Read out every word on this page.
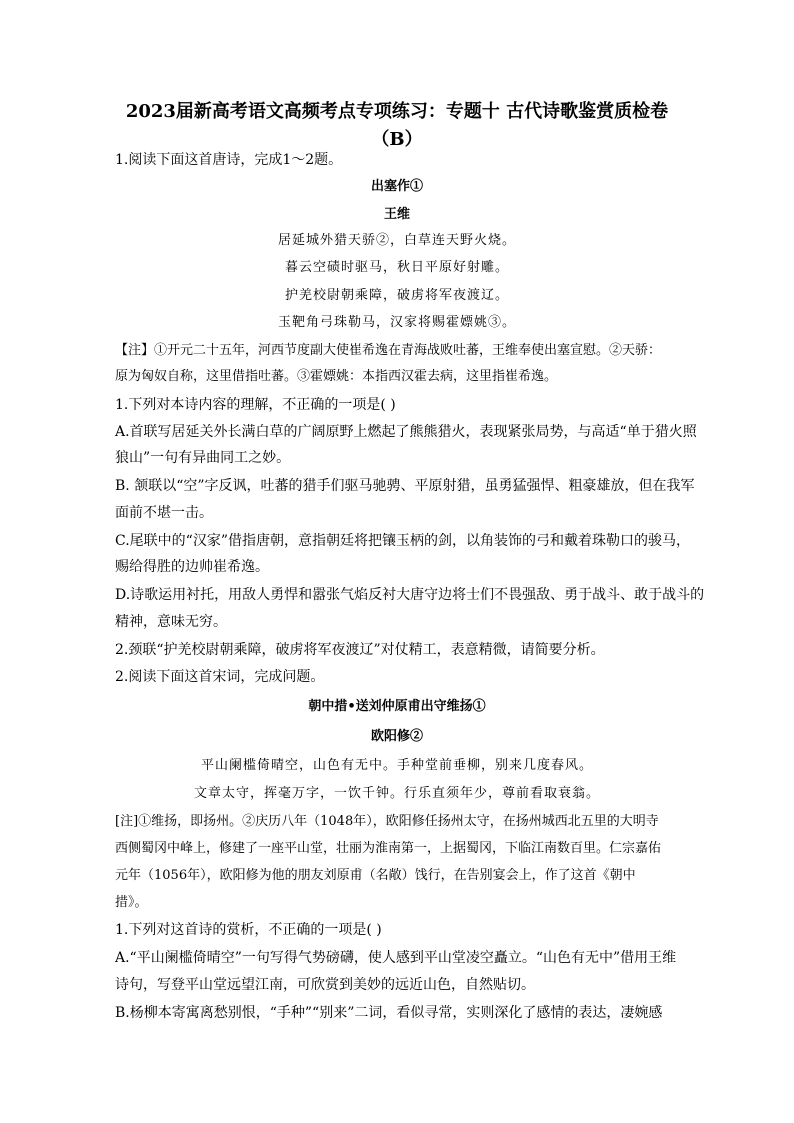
2023届新高考语文高频考点专项练习：专题十 古代诗歌鉴赏质检卷
（B）
1.阅读下面这首唐诗，完成1～2题。
出塞作①
王维
居延城外猎天骄②，白草连天野火烧。
暮云空碛时驱马，秋日平原好射雕。
护羌校尉朝乘障，破虏将军夜渡辽。
玉靶角弓珠勒马，汉家将赐霍嫖姚③。
【注】①开元二十五年，河西节度副大使崔希逸在青海战败吐蕃，王维奉使出塞宣慰。②天骄：
原为匈奴自称，这里借指吐蕃。③霍嫖姚：本指西汉霍去病，这里指崔希逸。
1.下列对本诗内容的理解，不正确的一项是( )
A.首联写居延关外长满白草的广阔原野上燃起了熊熊猎火，表现紧张局势，与高适“单于猎火照
狼山”一句有异曲同工之妙。
B. 颔联以“空”字反讽，吐蕃的猎手们驱马驰骋、平原射猎，虽勇猛强悍、粗豪雄放，但在我军
面前不堪一击。
C.尾联中的“汉家”借指唐朝，意指朝廷将把镶玉柄的剑，以角装饰的弓和戴着珠勒口的骏马，
赐给得胜的边帅崔希逸。
D.诗歌运用衬托，用敌人勇悍和嚣张气焰反衬大唐守边将士们不畏强敌、勇于战斗、敢于战斗的
精神，意味无穷。
2.颈联“护羌校尉朝乘障，破虏将军夜渡辽”对仗精工，表意精微，请简要分析。
2.阅读下面这首宋词，完成问题。
朝中措•送刘仲原甫出守维扬①
欧阳修②
平山阑槛倚晴空，山色有无中。手种堂前垂柳，别来几度春风。
文章太守，挥毫万字，一饮千钟。行乐直须年少，尊前看取衰翁。
[注]①维扬，即扬州。②庆历八年（1048年），欧阳修任扬州太守，在扬州城西北五里的大明寺
西侧蜀冈中峰上，修建了一座平山堂，壮丽为淮南第一，上据蜀冈，下临江南数百里。仁宗嘉佑
元年（1056年），欧阳修为他的朋友刘原甫（名敞）饯行，在告别宴会上，作了这首《朝中
措》。
1.下列对这首诗的赏析，不正确的一项是( )
A.“平山阑槛倚晴空”一句写得气势磅礴，使人感到平山堂凌空矗立。“山色有无中”借用王维
诗句，写登平山堂远望江南，可欣赏到美妙的远近山色，自然贴切。
B.杨柳本寄寓离愁别恨，“手种”“别来”二词，看似寻常，实则深化了感情的表达，凄婉感
